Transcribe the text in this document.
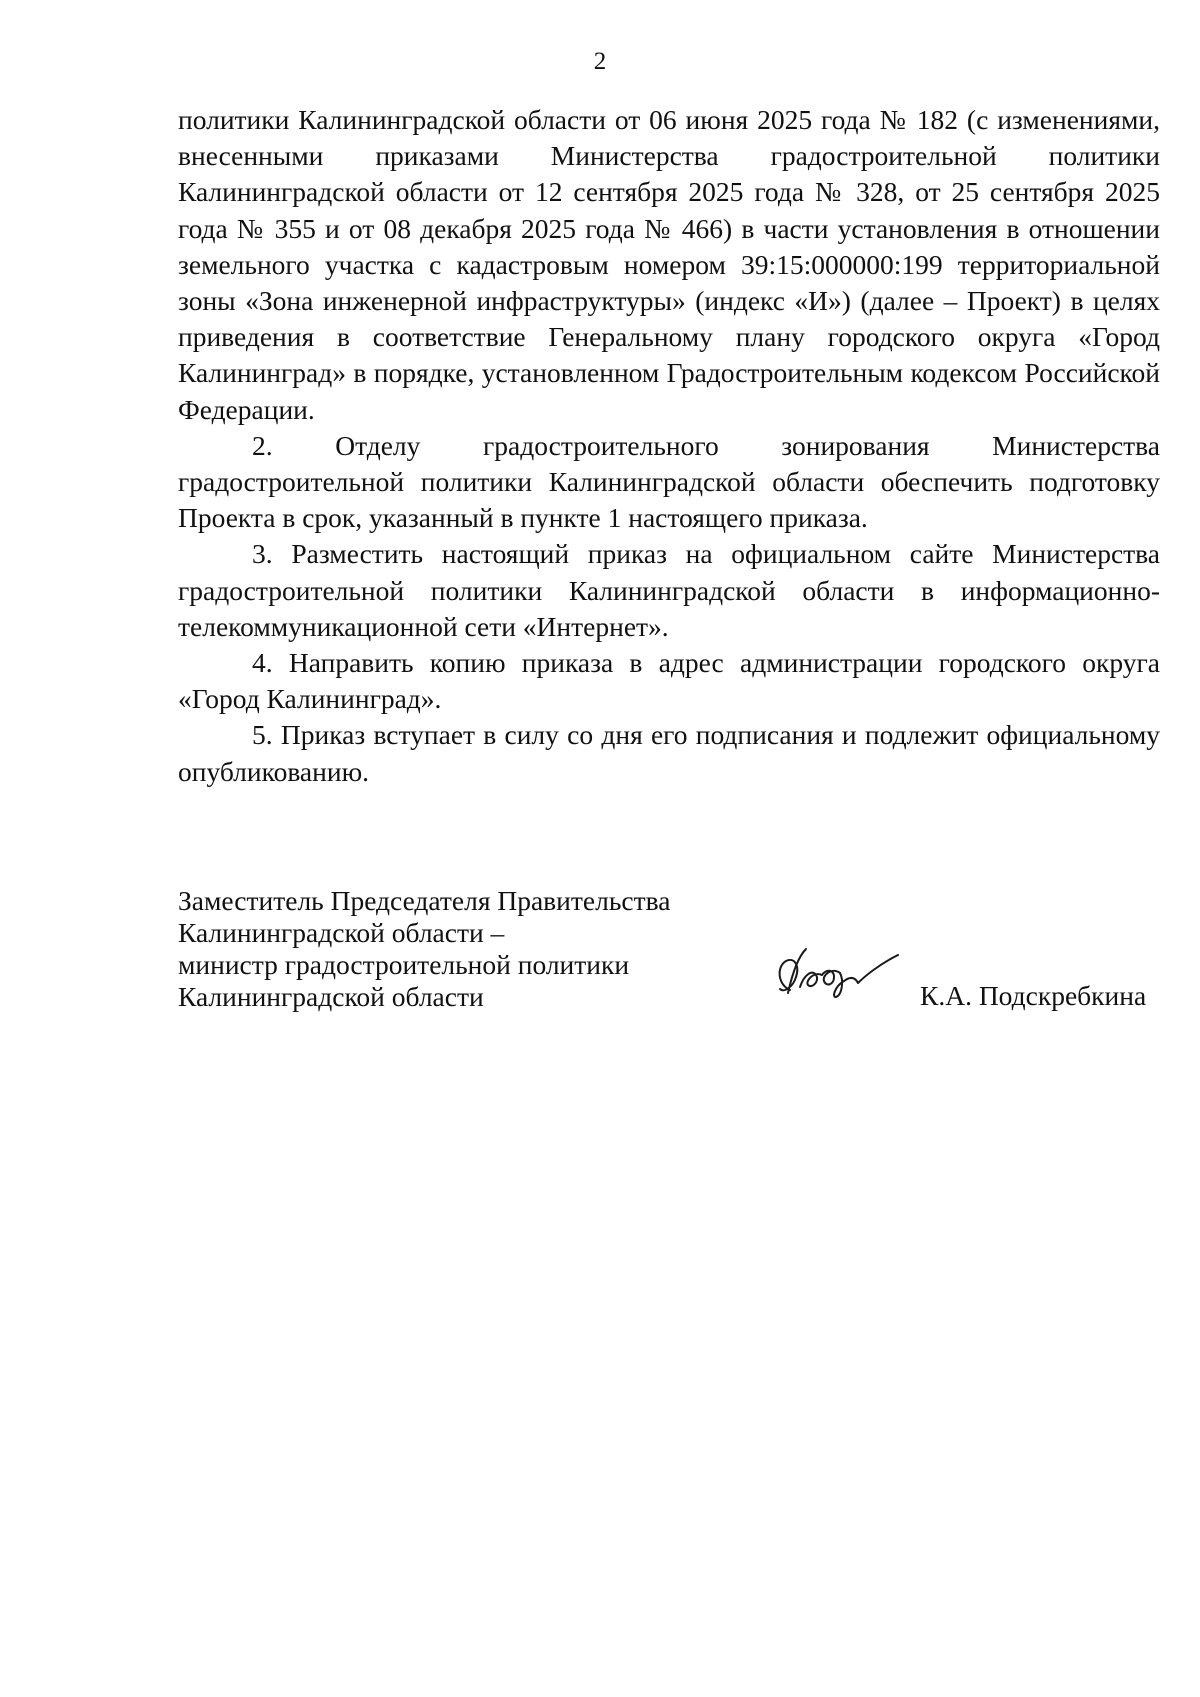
2

политики Калининградской области от 06 июня 2025 года № 182 (с изменениями, внесенными приказами Министерства градостроительной политики Калининградской области от 12 сентября 2025 года № 328, от 25 сентября 2025 года № 355 и от 08 декабря 2025 года № 466) в части установления в отношении земельного участка с кадастровым номером 39:15:000000:199 территориальной зоны «Зона инженерной инфраструктуры» (индекс «И») (далее – Проект) в целях приведения в соответствие Генеральному плану городского округа «Город Калининград» в порядке, установленном Градостроительным кодексом Российской Федерации.

2. Отделу градостроительного зонирования Министерства градостроительной политики Калининградской области обеспечить подготовку Проекта в срок, указанный в пункте 1 настоящего приказа.

3. Разместить настоящий приказ на официальном сайте Министерства градостроительной политики Калининградской области в информационно-телекоммуникационной сети «Интернет».

4. Направить копию приказа в адрес администрации городского округа «Город Калининград».

5. Приказ вступает в силу со дня его подписания и подлежит официальному опубликованию.

Заместитель Председателя Правительства
Калининградской области –
министр градостроительной политики
Калининградской области	К.А. Подскребкина
